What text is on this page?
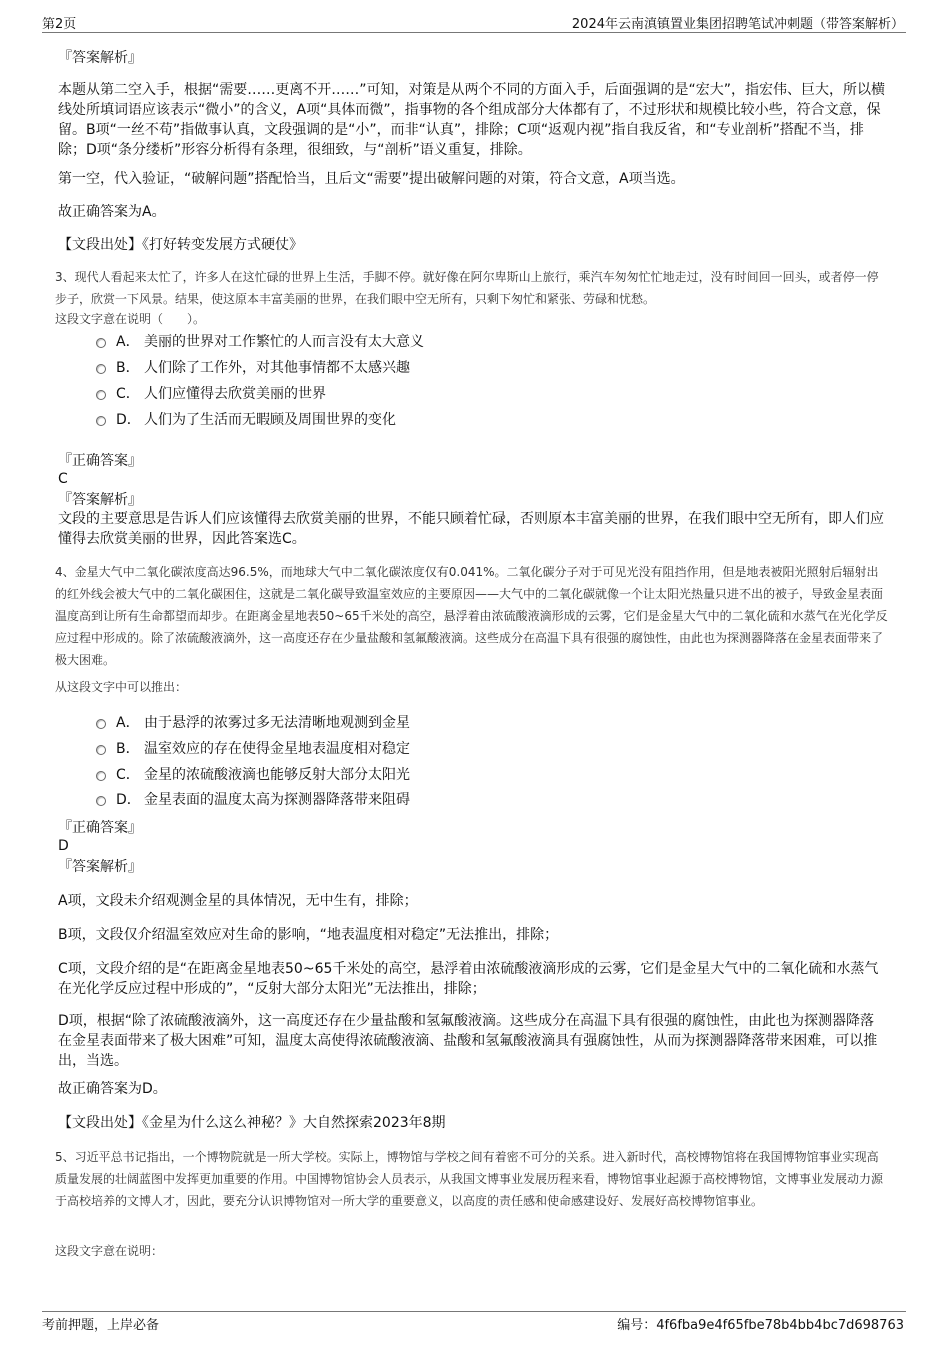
第2页	2024年云南滇镇置业集团招聘笔试冲刺题（带答案解析）
『答案解析』
本题从第二空入手，根据“需要……更离不开……”可知，对策是从两个不同的方面入手，后面强调的是“宏大”，指宏伟、巨大，所以横线处所填词语应该表示“微小”的含义，A项“具体而微”，指事物的各个组成部分大体都有了，不过形状和规模比较小些，符合文意，保留。B项“一丝不苟”指做事认真，文段强调的是“小”，而非“认真”，排除；C项“返观内视”指自我反省，和“专业剖析”搭配不当，排除；D项“条分缕析”形容分析得有条理，很细致，与“剖析”语义重复，排除。
第一空，代入验证，“破解问题”搭配恰当，且后文“需要”提出破解问题的对策，符合文意，A项当选。
故正确答案为A。
【文段出处】《打好转变发展方式硬仗》
3、现代人看起来太忙了，许多人在这忙碌的世界上生活，手脚不停。就好像在阿尔卑斯山上旅行，乘汽车匆匆忙忙地走过，没有时间回一回头，或者停一停步子，欣赏一下风景。结果，使这原本丰富美丽的世界，在我们眼中空无所有，只剩下匆忙和紧张、劳碌和忧愁。
这段文字意在说明（　　）。
A． 美丽的世界对工作繁忙的人而言没有太大意义
B． 人们除了工作外，对其他事情都不太感兴趣
C． 人们应懂得去欣赏美丽的世界
D． 人们为了生活而无暇顾及周围世界的变化
『正确答案』
C
『答案解析』
文段的主要意思是告诉人们应该懂得去欣赏美丽的世界，不能只顾着忙碌，否则原本丰富美丽的世界，在我们眼中空无所有，即人们应懂得去欣赏美丽的世界，因此答案选C。
4、金星大气中二氧化碳浓度高达96.5%，而地球大气中二氧化碳浓度仅有0.041%。二氧化碳分子对于可见光没有阻挡作用，但是地表被阳光照射后辐射出的红外线会被大气中的二氧化碳困住，这就是二氧化碳导致温室效应的主要原因——大气中的二氧化碳就像一个让太阳光热量只进不出的被子，导致金星表面温度高到让所有生命都望而却步。在距离金星地表50~65千米处的高空，悬浮着由浓硫酸液滴形成的云雾，它们是金星大气中的二氧化硫和水蒸气在光化学反应过程中形成的。除了浓硫酸液滴外，这一高度还存在少量盐酸和氢氟酸液滴。这些成分在高温下具有很强的腐蚀性，由此也为探测器降落在金星表面带来了极大困难。
从这段文字中可以推出：
A． 由于悬浮的浓雾过多无法清晰地观测到金星
B． 温室效应的存在使得金星地表温度相对稳定
C． 金星的浓硫酸液滴也能够反射大部分太阳光
D． 金星表面的温度太高为探测器降落带来阻碍
『正确答案』
D
『答案解析』
A项，文段未介绍观测金星的具体情况，无中生有，排除；
B项，文段仅介绍温室效应对生命的影响，“地表温度相对稳定”无法推出，排除；
C项，文段介绍的是“在距离金星地表50~65千米处的高空，悬浮着由浓硫酸液滴形成的云雾，它们是金星大气中的二氧化硫和水蒸气在光化学反应过程中形成的”，“反射大部分太阳光”无法推出，排除；
D项，根据“除了浓硫酸液滴外，这一高度还存在少量盐酸和氢氟酸液滴。这些成分在高温下具有很强的腐蚀性，由此也为探测器降落在金星表面带来了极大困难”可知，温度太高使得浓硫酸液滴、盐酸和氢氟酸液滴具有强腐蚀性，从而为探测器降落带来困难，可以推出，当选。
故正确答案为D。
【文段出处】《金星为什么这么神秘？》大自然探索2023年8期
5、习近平总书记指出，一个博物院就是一所大学校。实际上，博物馆与学校之间有着密不可分的关系。进入新时代，高校博物馆将在我国博物馆事业实现高质量发展的壮阔蓝图中发挥更加重要的作用。中国博物馆协会人员表示，从我国文博事业发展历程来看，博物馆事业起源于高校博物馆，文博事业发展动力源于高校培养的文博人才，因此，要充分认识博物馆对一所大学的重要意义，以高度的责任感和使命感建设好、发展好高校博物馆事业。
这段文字意在说明：
考前押题，上岸必备	编号：4f6fba9e4f65fbe78b4bb4bc7d698763
